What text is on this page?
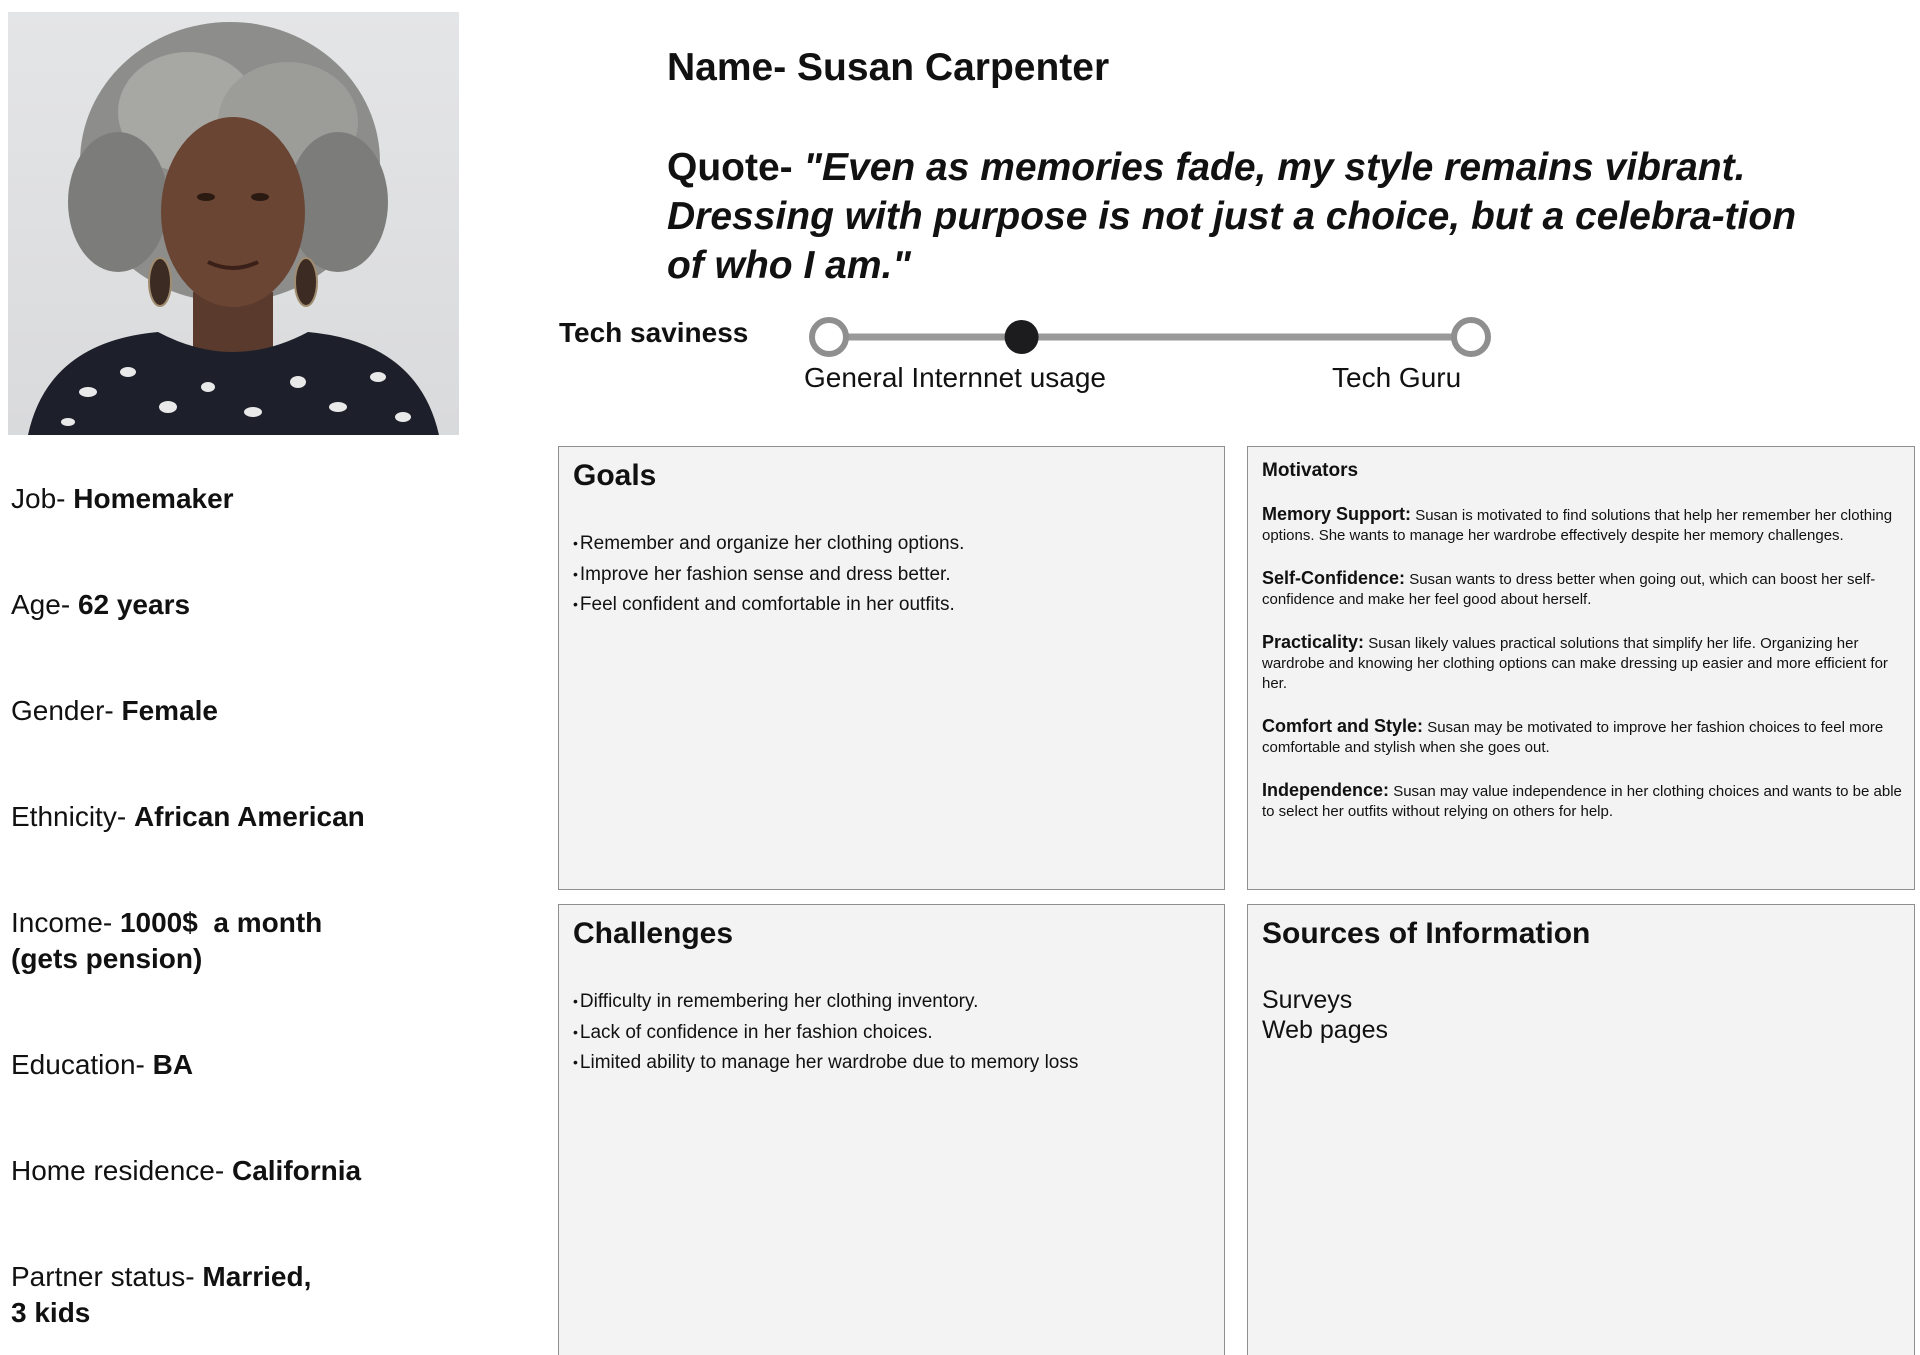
Name- Susan Carpenter

Quote- "Even as memories fade, my style remains vibrant. Dressing with purpose is not just a choice, but a celebra-tion of who I am."

Tech saviness
General Internnet usage	Tech Guru
Job- Homemaker
Age- 62 years
Gender- Female
Ethnicity- African American
Income- 1000$  a month
(gets pension)
Education- BA
Home residence- California
Partner status- Married,
3 kids
Goals
• Remember and organize her clothing options.
• Improve her fashion sense and dress better.
• Feel confident and comfortable in her outfits.
Motivators
Memory Support: Susan is motivated to find solutions that help her remember her clothing options. She wants to manage her wardrobe effectively despite her memory challenges.
Self-Confidence: Susan wants to dress better when going out, which can boost her self-confidence and make her feel good about herself.
Practicality: Susan likely values practical solutions that simplify her life. Organizing her wardrobe and knowing her clothing options can make dressing up easier and more efficient for her.
Comfort and Style: Susan may be motivated to improve her fashion choices to feel more comfortable and stylish when she goes out.
Independence: Susan may value independence in her clothing choices and wants to be able to select her outfits without relying on others for help.
Challenges
• Difficulty in remembering her clothing inventory.
• Lack of confidence in her fashion choices.
• Limited ability to manage her wardrobe due to memory loss
Sources of Information
Surveys
Web pages
